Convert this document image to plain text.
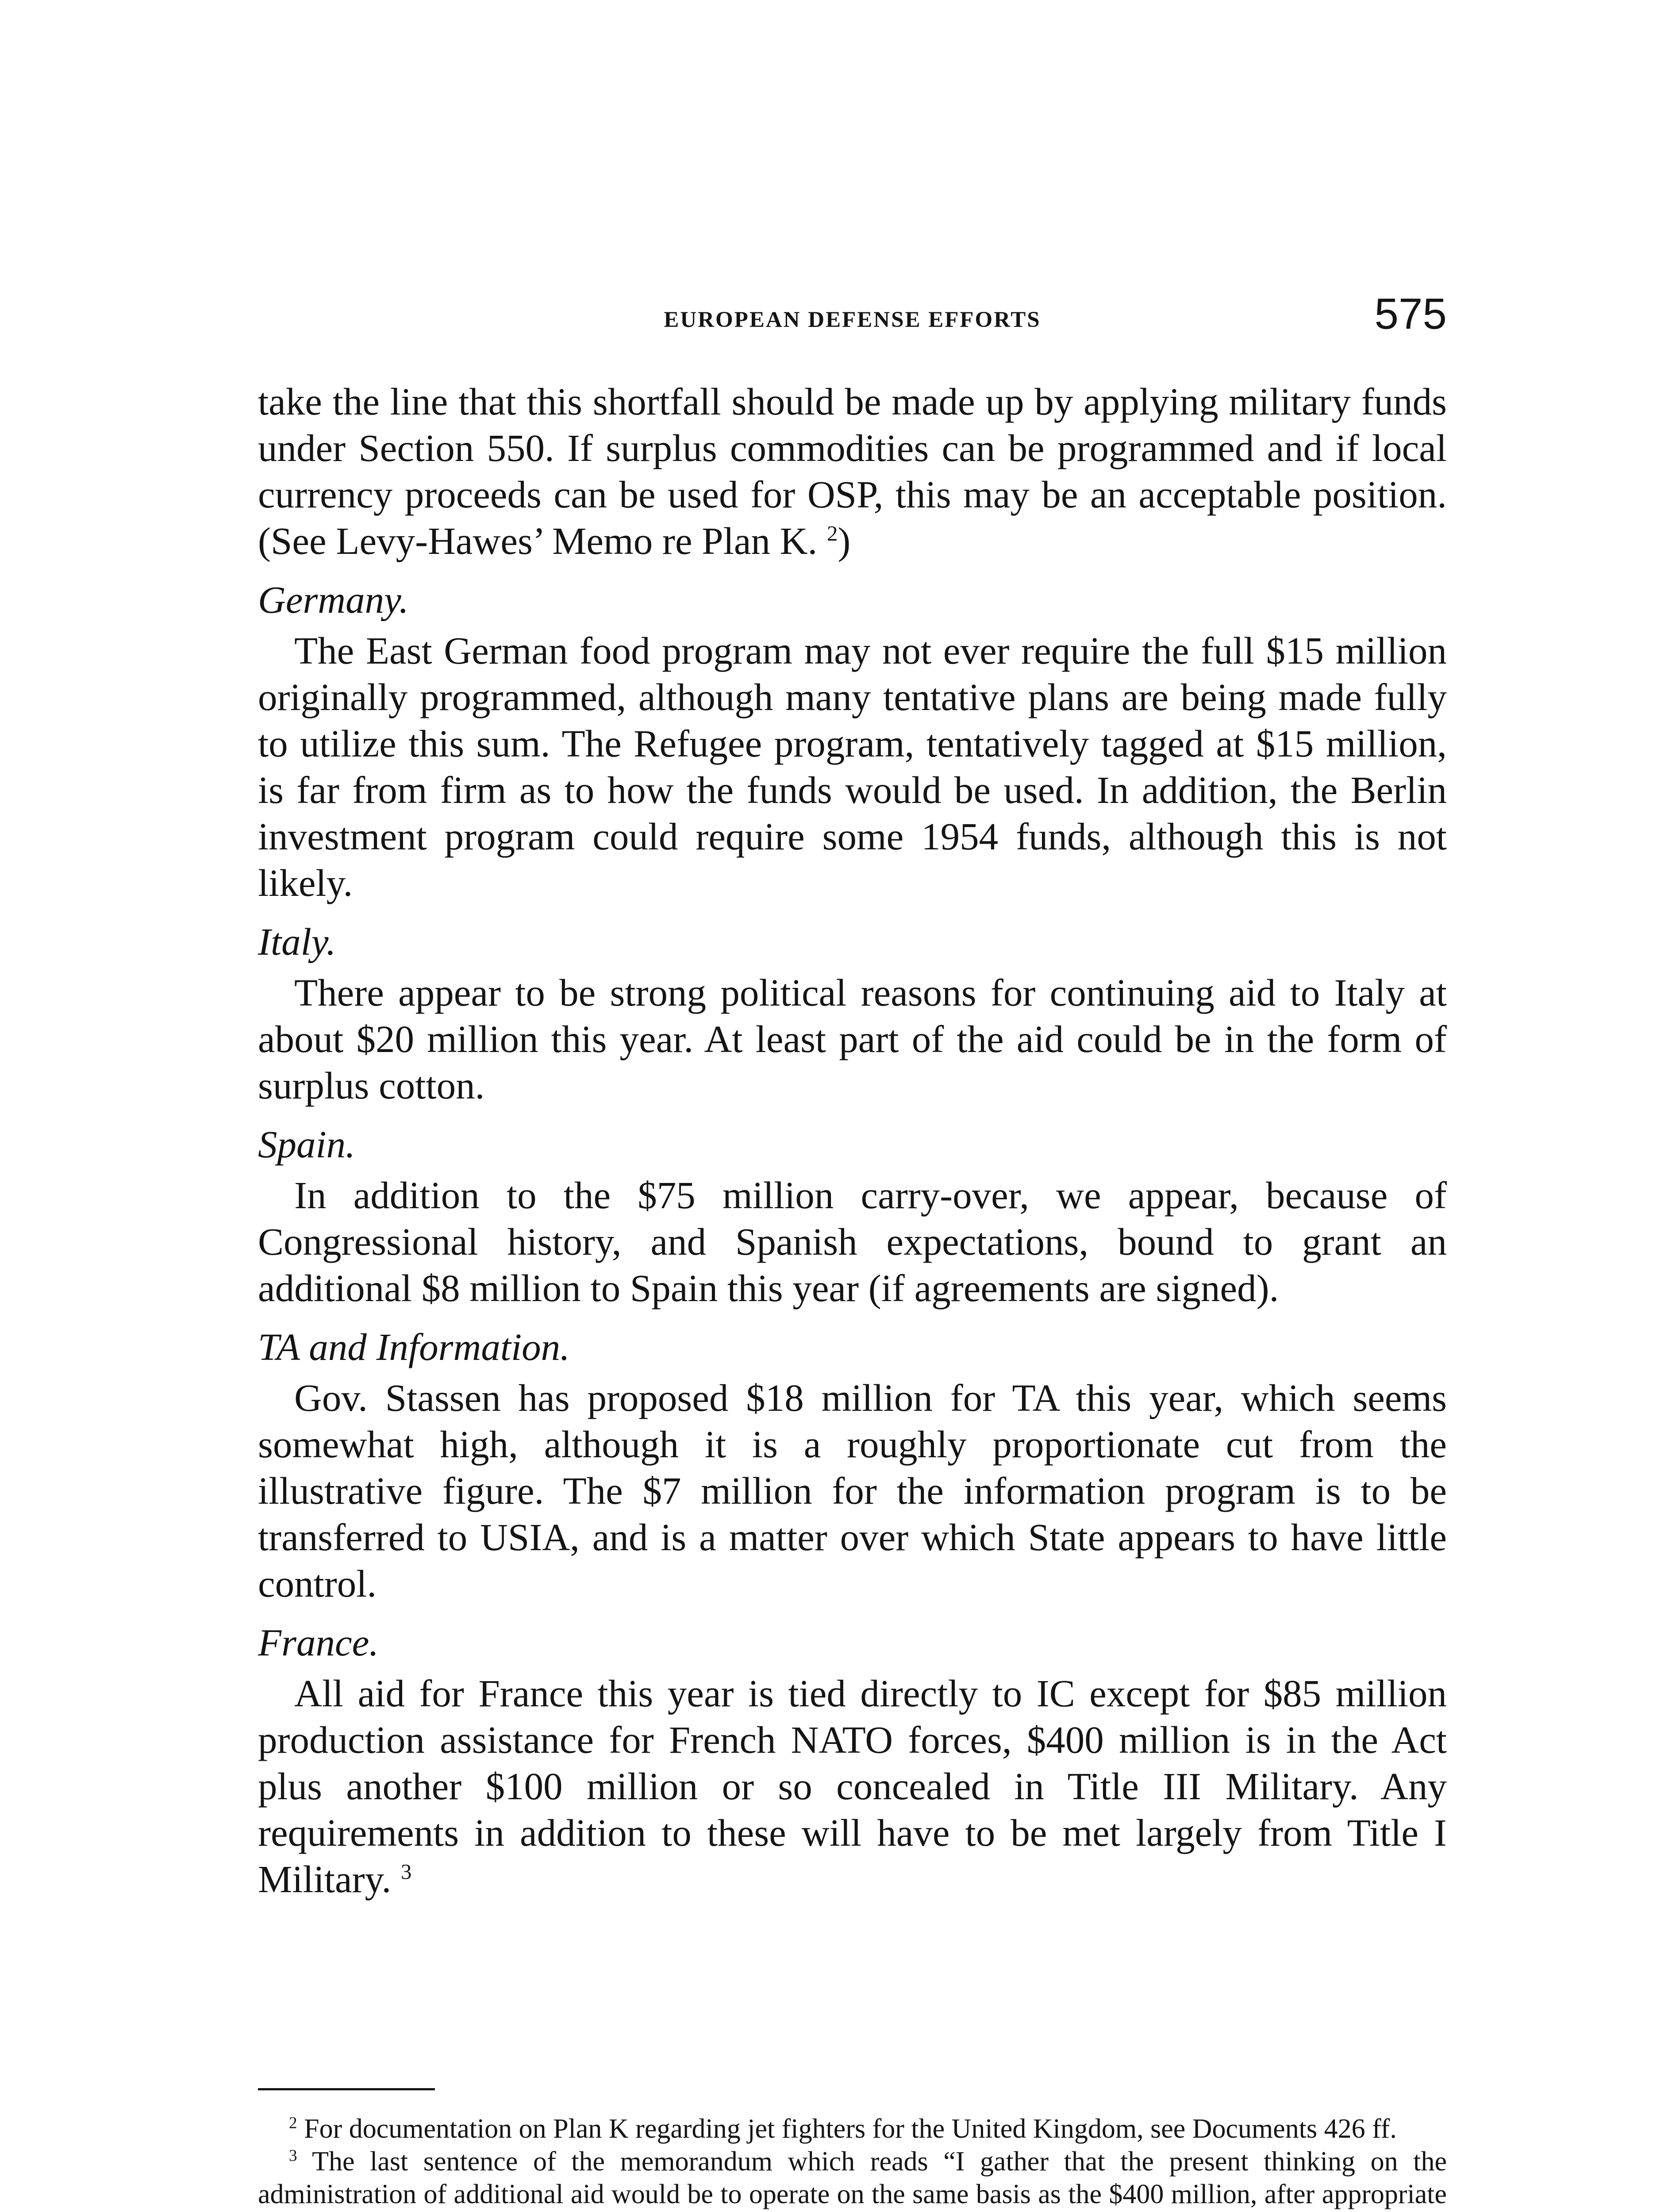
EUROPEAN DEFENSE EFFORTS	575

take the line that this shortfall should be made up by applying military funds under Section 550. If surplus commodities can be programmed and if local currency proceeds can be used for OSP, this may be an acceptable position. (See Levy-Hawes’ Memo re Plan K. $^2$)

Germany.

The East German food program may not ever require the full $15 million originally programmed, although many tentative plans are being made fully to utilize this sum. The Refugee program, tentatively tagged at $15 million, is far from firm as to how the funds would be used. In addition, the Berlin investment program could require some 1954 funds, although this is not likely.

Italy.

There appear to be strong political reasons for continuing aid to Italy at about $20 million this year. At least part of the aid could be in the form of surplus cotton.

Spain.

In addition to the $75 million carry-over, we appear, because of Congressional history, and Spanish expectations, bound to grant an additional $8 million to Spain this year (if agreements are signed).

TA and Information.

Gov. Stassen has proposed $18 million for TA this year, which seems somewhat high, although it is a roughly proportionate cut from the illustrative figure. The $7 million for the information program is to be transferred to USIA, and is a matter over which State appears to have little control.

France.

All aid for France this year is tied directly to IC except for $85 million production assistance for French NATO forces, $400 million is in the Act plus another $100 million or so concealed in Title III Military. Any requirements in addition to these will have to be met largely from Title I Military. $^3$

$^2$ For documentation on Plan K regarding jet fighters for the United Kingdom, see Documents 426 ff.

$^3$ The last sentence of the memorandum which reads “I gather that the present thinking on the administration of additional aid would be to operate on the same basis as the $400 million, after appropriate
